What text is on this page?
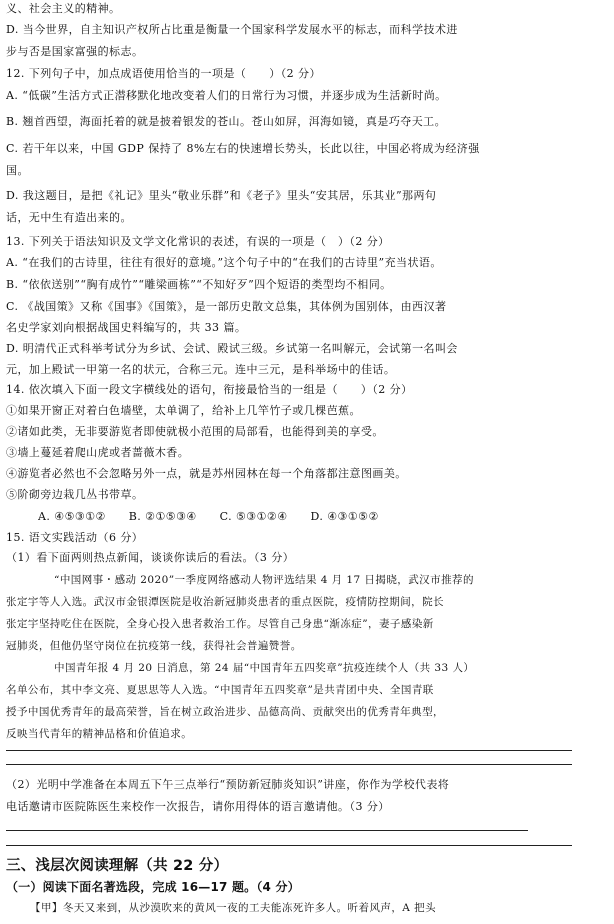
义、社会主义的精神。
D. 当今世界，自主知识产权所占比重是衡量一个国家科学发展水平的标志，而科学技术进
步与否是国家富强的标志。
12. 下列句子中，加点成语使用恰当的一项是（　　）（2 分）
A. “低碳”生活方式正潜移默化地改变着人们的日常行为习惯，并逐步成为生活新时尚。
B. 翘首西望，海面托着的就是披着银发的苍山。苍山如屏，洱海如镜，真是巧夺天工。
C. 若干年以来，中国 GDP 保持了 8%左右的快速增长势头，长此以往，中国必将成为经济强
国。
D. 我这题目，是把《礼记》里头“敬业乐群”和《老子》里头“安其居，乐其业”那两句
话，无中生有造出来的。
13. 下列关于语法知识及文学文化常识的表述，有误的一项是（　）（2 分）
A. “在我们的古诗里，往往有很好的意境。”这个句子中的“在我们的古诗里”充当状语。
B. “依依送别”“胸有成竹”“雕梁画栋”“不知好歹”四个短语的类型均不相同。
C. 《战国策》又称《国事》《国策》，是一部历史散文总集，其体例为国别体，由西汉著
名史学家刘向根据战国史料编写的，共 33 篇。
D. 明清代正式科举考试分为乡试、会试、殿试三级。乡试第一名叫解元，会试第一名叫会
元，加上殿试一甲第一名的状元，合称三元。连中三元，是科举场中的佳话。
14. 依次填入下面一段文字横线处的语句，衔接最恰当的一组是（　　）（2 分）
①如果开窗正对着白色墙壁，太单调了，给补上几竿竹子或几棵芭蕉。
②诸如此类，无非要游览者即使就极小范围的局部看，也能得到美的享受。
③墙上蔓延着爬山虎或者蔷薇木香。
④游览者必然也不会忽略另外一点，就是苏州园林在每一个角落都注意图画美。
⑤阶砌旁边栽几丛书带草。
A. ④⑤③①②　　B. ②①⑤③④　　C. ⑤③①②④　　D. ④③①⑤②
15. 语文实践活动（6 分）
（1）看下面两则热点新闻，谈谈你读后的看法。（3 分）
“中国网事・感动 2020”一季度网络感动人物评选结果 4 月 17 日揭晓，武汉市推荐的
张定宇等人入选。武汉市金银潭医院是收治新冠肺炎患者的重点医院，疫情防控期间，院长
张定宇坚持吃住在医院，全身心投入患者救治工作。尽管自己身患“渐冻症”，妻子感染新
冠肺炎，但他仍坚守岗位在抗疫第一线，获得社会普遍赞誉。
中国青年报 4 月 20 日消息，第 24 届“中国青年五四奖章”抗疫连续个人（共 33 人）
名单公布，其中李文亮、夏思思等人入选。“中国青年五四奖章”是共青团中央、全国青联
授予中国优秀青年的最高荣誉，旨在树立政治进步、品德高尚、贡献突出的优秀青年典型，
反映当代青年的精神品格和价值追求。
（2）光明中学准备在本周五下午三点举行“预防新冠肺炎知识”讲座，你作为学校代表将
电话邀请市医院陈医生来校作一次报告，请你用得体的语言邀请他。（3 分）
三、浅层次阅读理解（共 22 分）
（一）阅读下面名著选段，完成 16—17 题。（4 分）
【甲】冬天又来到，从沙漠吹来的黄风一夜的工夫能冻死许多人。听着风声，A 把头
